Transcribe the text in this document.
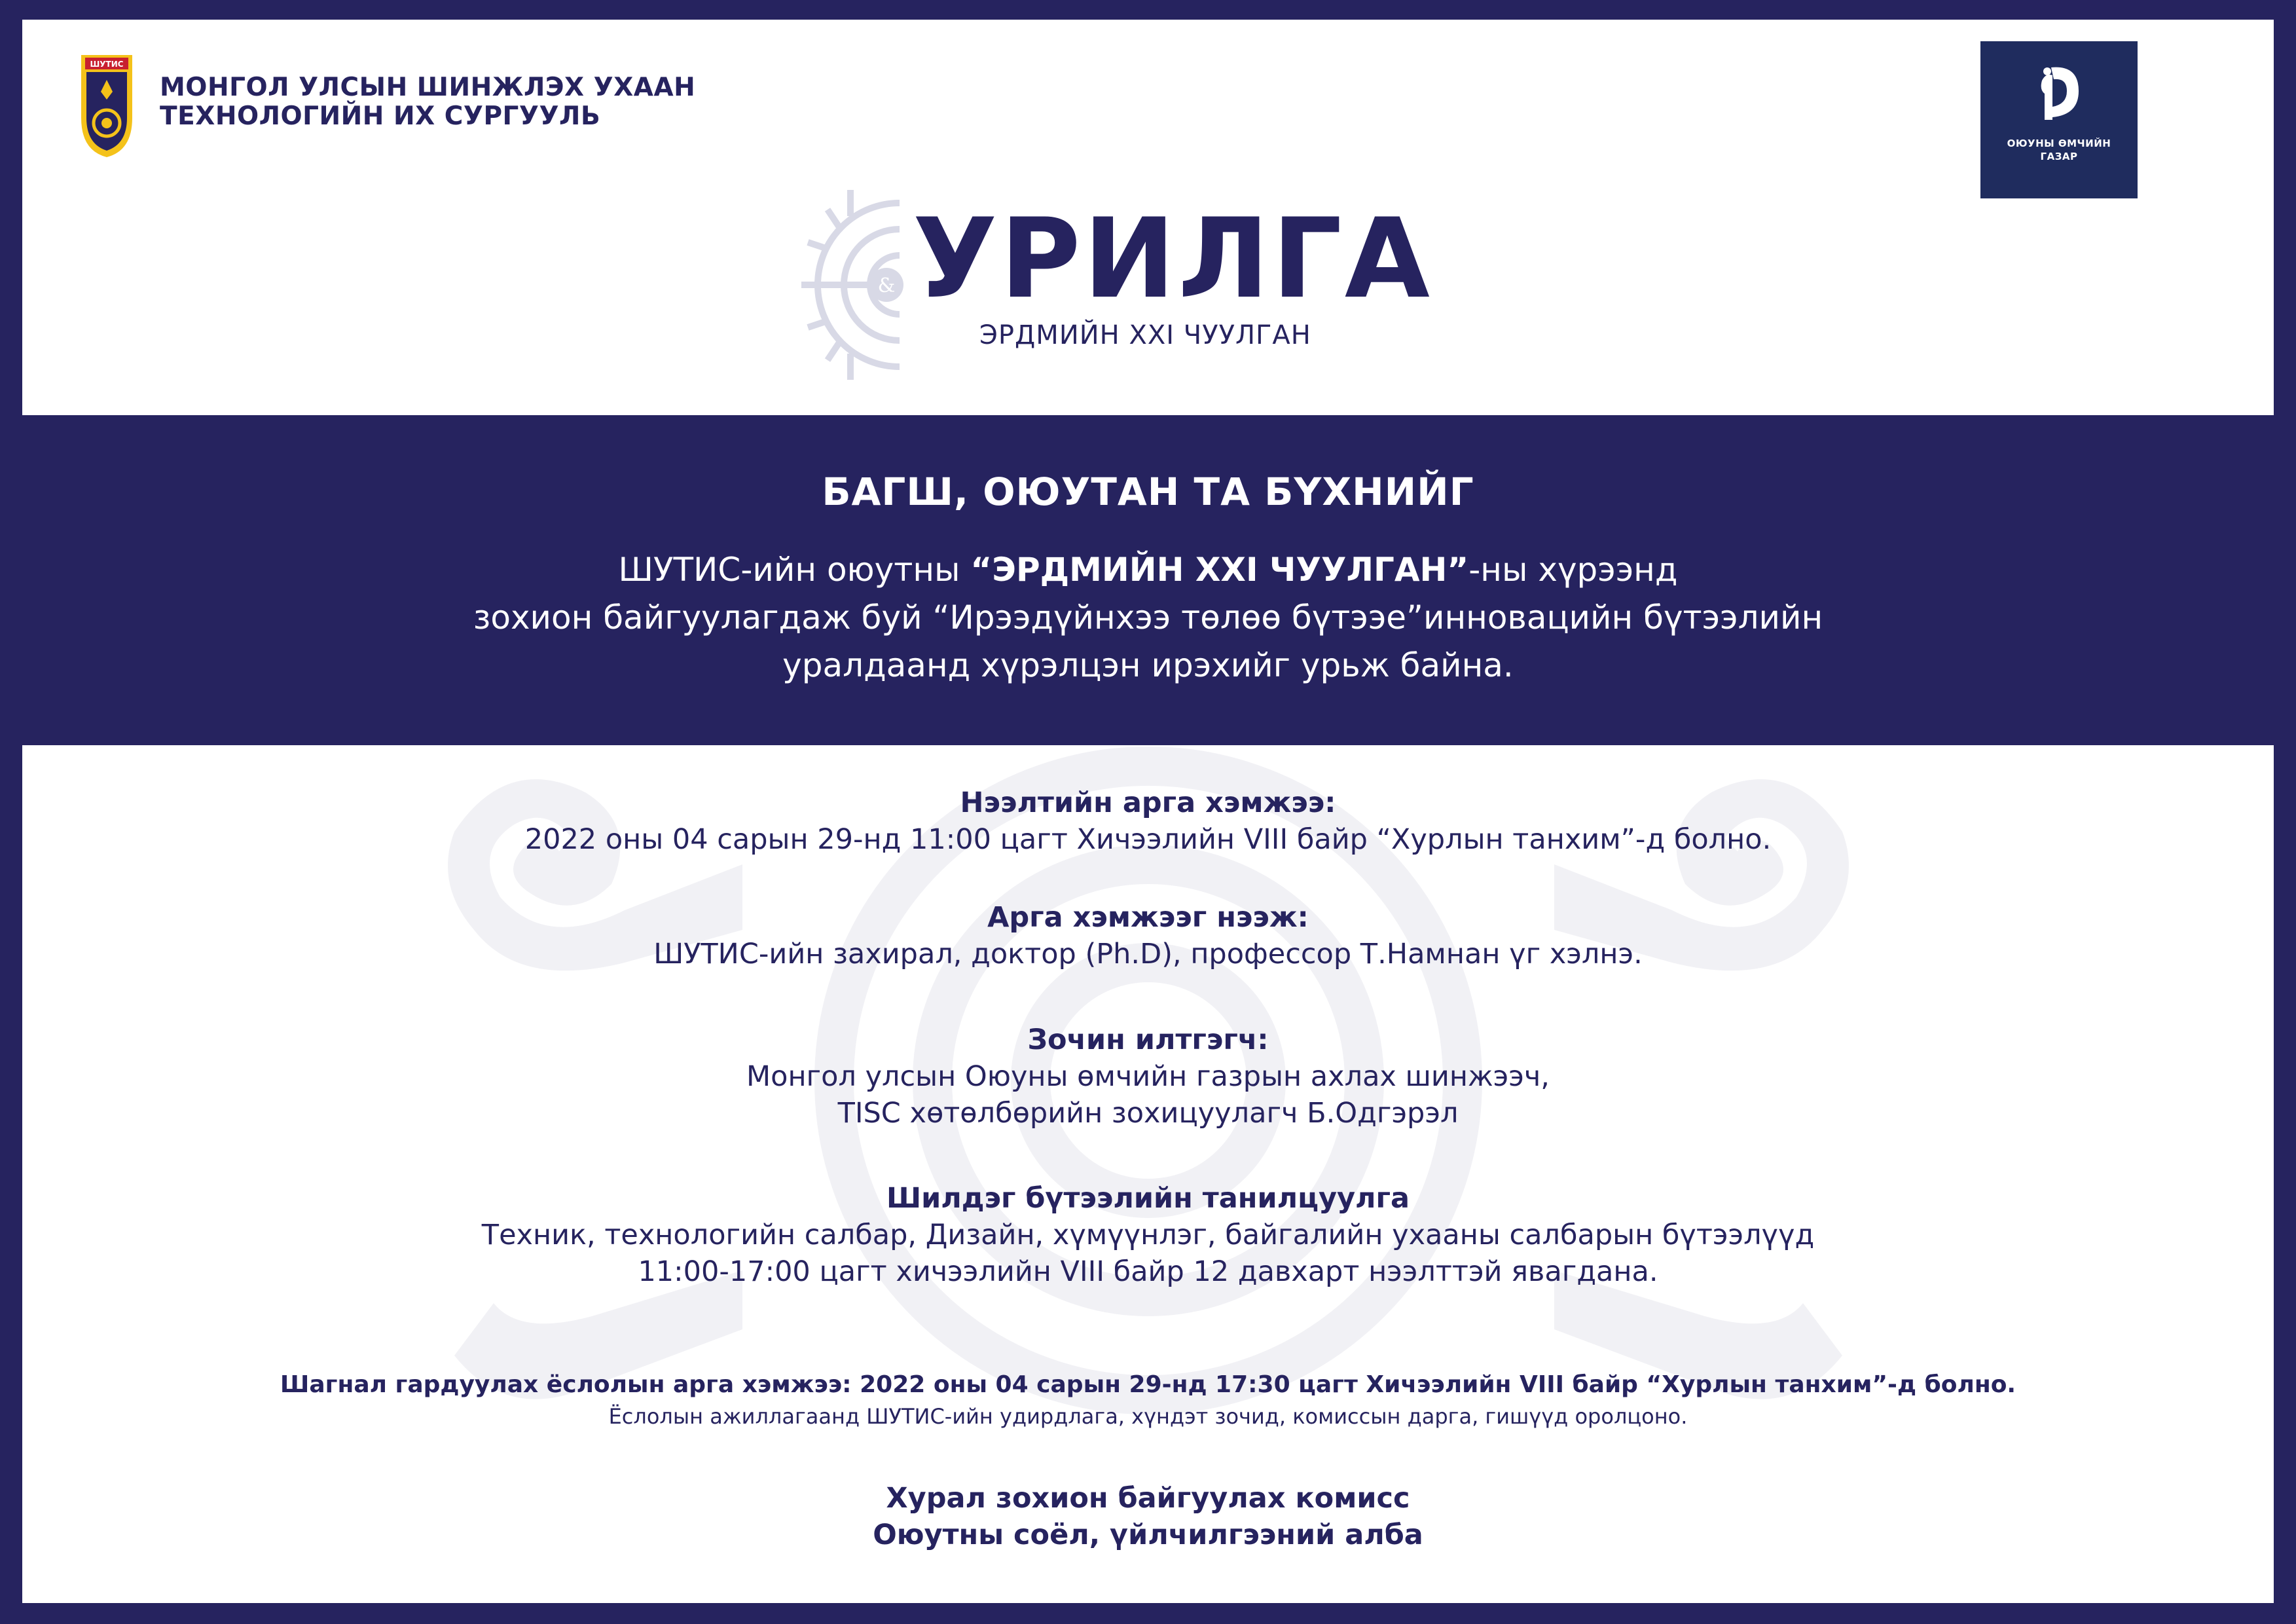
ШУТИС

МОНГОЛ УЛСЫН ШИНЖЛЭХ УХААН
ТЕХНОЛОГИЙН ИХ СУРГУУЛЬ

ОЮУНЫ ӨМЧИЙН
ГАЗАР
& УРИЛГА

ЭРДМИЙН XXI ЧУУЛГАН

БАГШ, ОЮУТАН ТА БҮХНИЙГ

ШУТИС-ийн оюутны “ЭРДМИЙН XXI ЧУУЛГАН”-ны хүрээнд
зохион байгуулагдаж буй “Ирээдүйнхээ төлөө бүтээе”инновацийн бүтээлийн
уралдаанд хүрэлцэн ирэхийг урьж байна.

Нээлтийн арга хэмжээ:

2022 оны 04 сарын 29-нд 11:00 цагт Хичээлийн VIII байр “Хурлын танхим”-д болно.

Арга хэмжээг нээж:

ШУТИС-ийн захирал, доктор (Ph.D), профессор Т.Намнан үг хэлнэ.

Зочин илтгэгч:

Монгол улсын Оюуны өмчийн газрын ахлах шинжээч,
TISC хөтөлбөрийн зохицуулагч Б.Одгэрэл

Шилдэг бүтээлийн танилцуулга

Техник, технологийн салбар, Дизайн, хүмүүнлэг, байгалийн ухааны салбарын бүтээлүүд
11:00-17:00 цагт хичээлийн VIII байр 12 давхарт нээлттэй явагдана.

Шагнал гардуулах ёслолын арга хэмжээ: 2022 оны 04 сарын 29-нд 17:30 цагт Хичээлийн VIII байр “Хурлын танхим”-д болно.

Ёслолын ажиллагаанд ШУТИС-ийн удирдлага, хүндэт зочид, комиссын дарга, гишүүд оролцоно.

Хурал зохион байгуулах комисс
Оюутны соёл, үйлчилгээний алба
